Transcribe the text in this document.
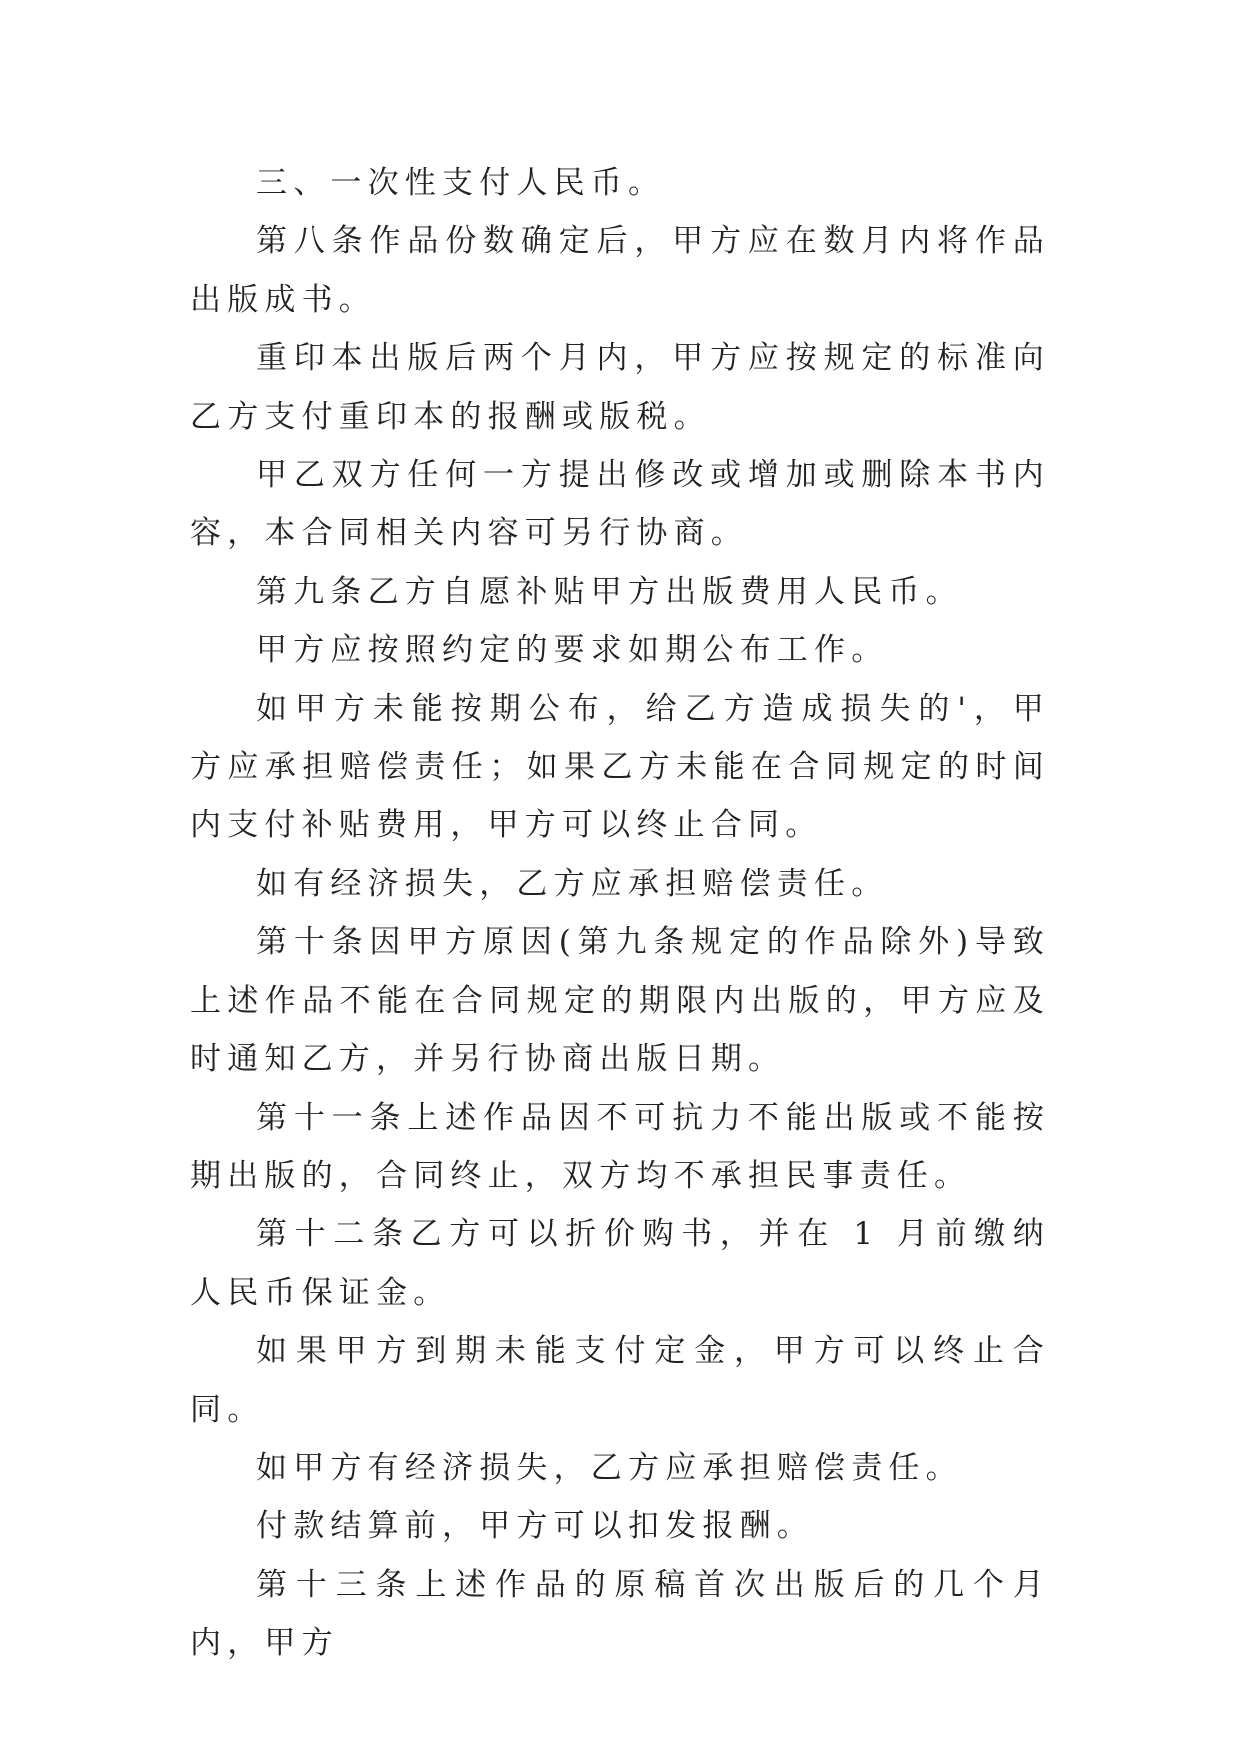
三、一次性支付人民币。

第八条作品份数确定后，甲方应在数月内将作品出版成书。

重印本出版后两个月内，甲方应按规定的标准向乙方支付重印本的报酬或版税。

甲乙双方任何一方提出修改或增加或删除本书内容，本合同相关内容可另行协商。

第九条乙方自愿补贴甲方出版费用人民币。

甲方应按照约定的要求如期公布工作。

如甲方未能按期公布，给乙方造成损失的'，甲方应承担赔偿责任；如果乙方未能在合同规定的时间内支付补贴费用，甲方可以终止合同。

如有经济损失，乙方应承担赔偿责任。

第十条因甲方原因(第九条规定的作品除外)导致上述作品不能在合同规定的期限内出版的，甲方应及时通知乙方，并另行协商出版日期。

第十一条上述作品因不可抗力不能出版或不能按期出版的，合同终止，双方均不承担民事责任。

第十二条乙方可以折价购书，并在 1 月前缴纳人民币保证金。

如果甲方到期未能支付定金，甲方可以终止合同。

如甲方有经济损失，乙方应承担赔偿责任。

付款结算前，甲方可以扣发报酬。

第十三条上述作品的原稿首次出版后的几个月内，甲方
